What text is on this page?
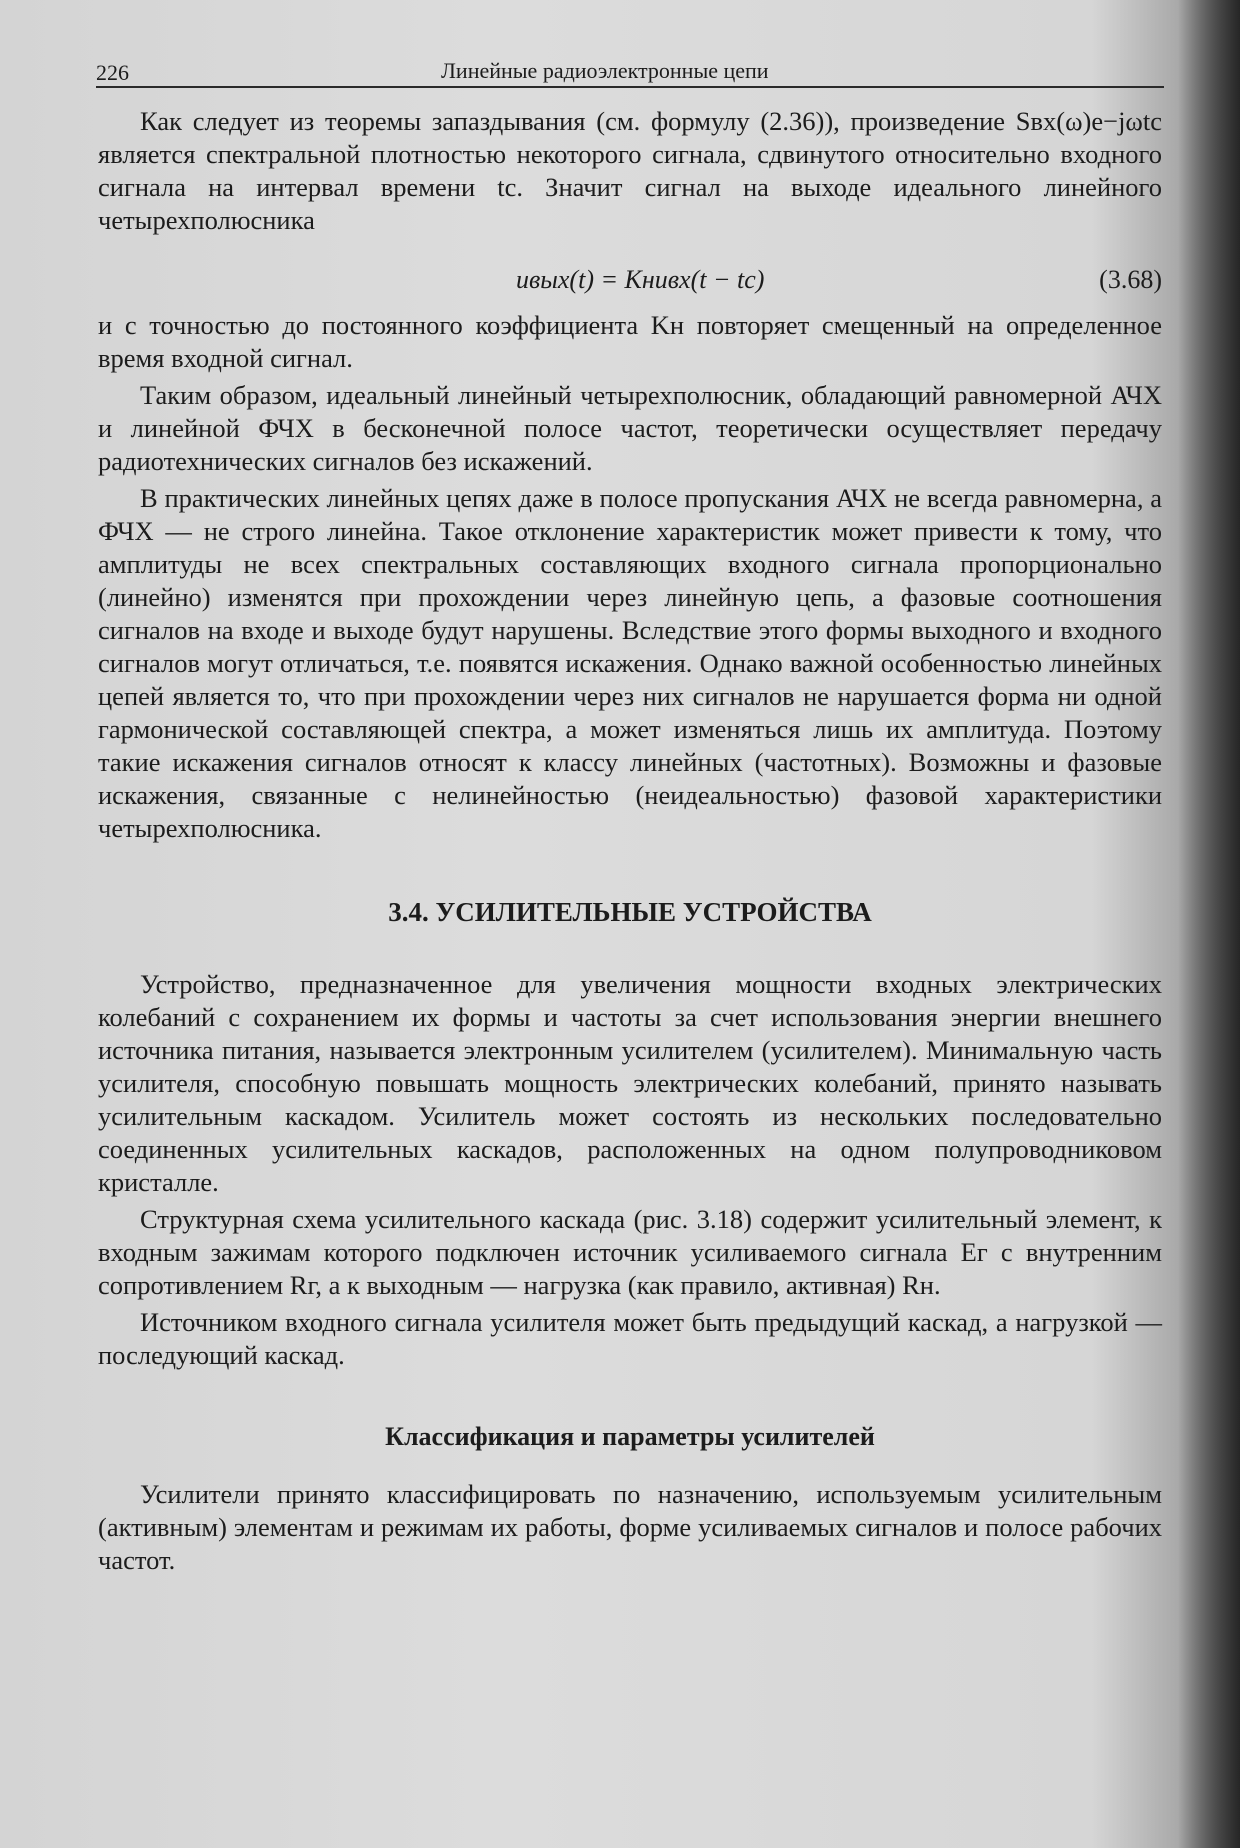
226	Линейные радиоэлектронные цепи

Как следует из теоремы запаздывания (см. формулу (2.36)), произведение Sвх(ω)e−jωtc является спектральной плотностью некоторого сигнала, сдвинутого относительно входного сигнала на интервал времени tc. Значит сигнал на выходе идеального линейного четырехполюсника

uвых(t) = Kнuвх(t − tc)	(3.68)

и с точностью до постоянного коэффициента Kн повторяет смещенный на определенное время входной сигнал.

Таким образом, идеальный линейный четырехполюсник, обладающий равномерной АЧХ и линейной ФЧХ в бесконечной полосе частот, теоретически осуществляет передачу радиотехнических сигналов без искажений.

В практических линейных цепях даже в полосе пропускания АЧХ не всегда равномерна, а ФЧХ — не строго линейна. Такое отклонение характеристик может привести к тому, что амплитуды не всех спектральных составляющих входного сигнала пропорционально (линейно) изменятся при прохождении через линейную цепь, а фазовые соотношения сигналов на входе и выходе будут нарушены. Вследствие этого формы выходного и входного сигналов могут отличаться, т.е. появятся искажения. Однако важной особенностью линейных цепей является то, что при прохождении через них сигналов не нарушается форма ни одной гармонической составляющей спектра, а может изменяться лишь их амплитуда. Поэтому такие искажения сигналов относят к классу линейных (частотных). Возможны и фазовые искажения, связанные с нелинейностью (неидеальностью) фазовой характеристики четырехполюсника.

3.4. УСИЛИТЕЛЬНЫЕ УСТРОЙСТВА

Устройство, предназначенное для увеличения мощности входных электрических колебаний с сохранением их формы и частоты за счет использования энергии внешнего источника питания, называется электронным усилителем (усилителем). Минимальную часть усилителя, способную повышать мощность электрических колебаний, принято называть усилительным каскадом. Усилитель может состоять из нескольких последовательно соединенных усилительных каскадов, расположенных на одном полупроводниковом кристалле.

Структурная схема усилительного каскада (рис. 3.18) содержит усилительный элемент, к входным зажимам которого подключен источник усиливаемого сигнала Eг с внутренним сопротивлением Rг, а к выходным — нагрузка (как правило, активная) Rн.

Источником входного сигнала усилителя может быть предыдущий каскад, а нагрузкой — последующий каскад.

Классификация и параметры усилителей

Усилители принято классифицировать по назначению, используемым усилительным (активным) элементам и режимам их работы, форме усиливаемых сигналов и полосе рабочих частот.
